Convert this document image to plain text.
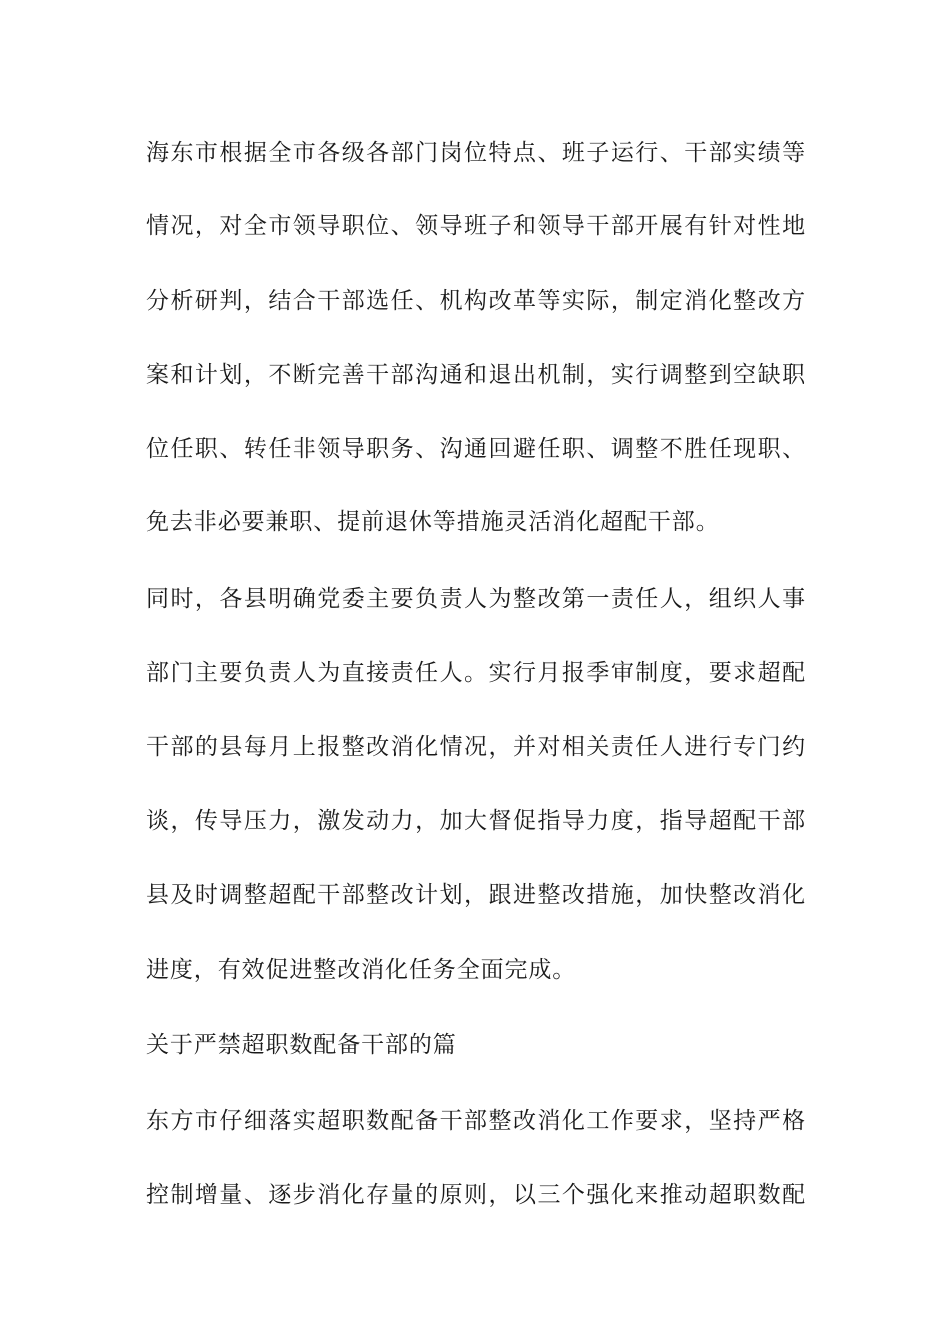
海东市根据全市各级各部门岗位特点、班子运行、干部实绩等
情况，对全市领导职位、领导班子和领导干部开展有针对性地
分析研判，结合干部选任、机构改革等实际，制定消化整改方
案和计划，不断完善干部沟通和退出机制，实行调整到空缺职
位任职、转任非领导职务、沟通回避任职、调整不胜任现职、
免去非必要兼职、提前退休等措施灵活消化超配干部。
同时，各县明确党委主要负责人为整改第一责任人，组织人事
部门主要负责人为直接责任人。实行月报季审制度，要求超配
干部的县每月上报整改消化情况，并对相关责任人进行专门约
谈，传导压力，激发动力，加大督促指导力度，指导超配干部
县及时调整超配干部整改计划，跟进整改措施，加快整改消化
进度，有效促进整改消化任务全面完成。
关于严禁超职数配备干部的篇
东方市仔细落实超职数配备干部整改消化工作要求，坚持严格
控制增量、逐步消化存量的原则，以三个强化来推动超职数配
